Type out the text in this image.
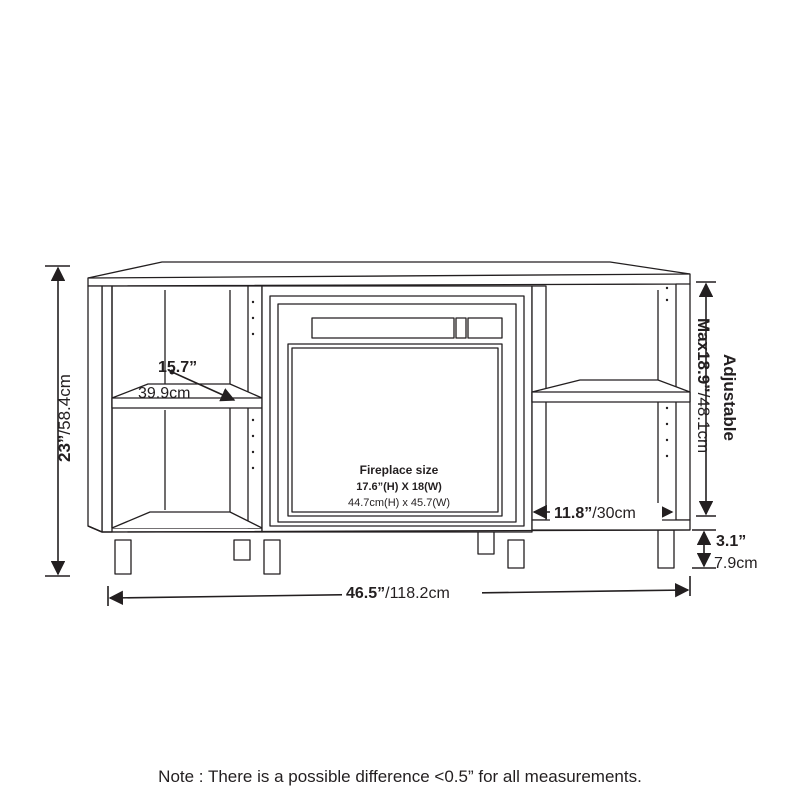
23”/58.4cm
15.7”
39.9cm	Adjustable
Max18.9”/48.1cm
Fireplace size
17.6”(H) X 18(W)
44.7cm(H) x 45.7(W)
11.8”/30cm
3.1”
7.9cm
46.5”/118.2cm
Note : There is a possible difference <0.5” for all measurements.
